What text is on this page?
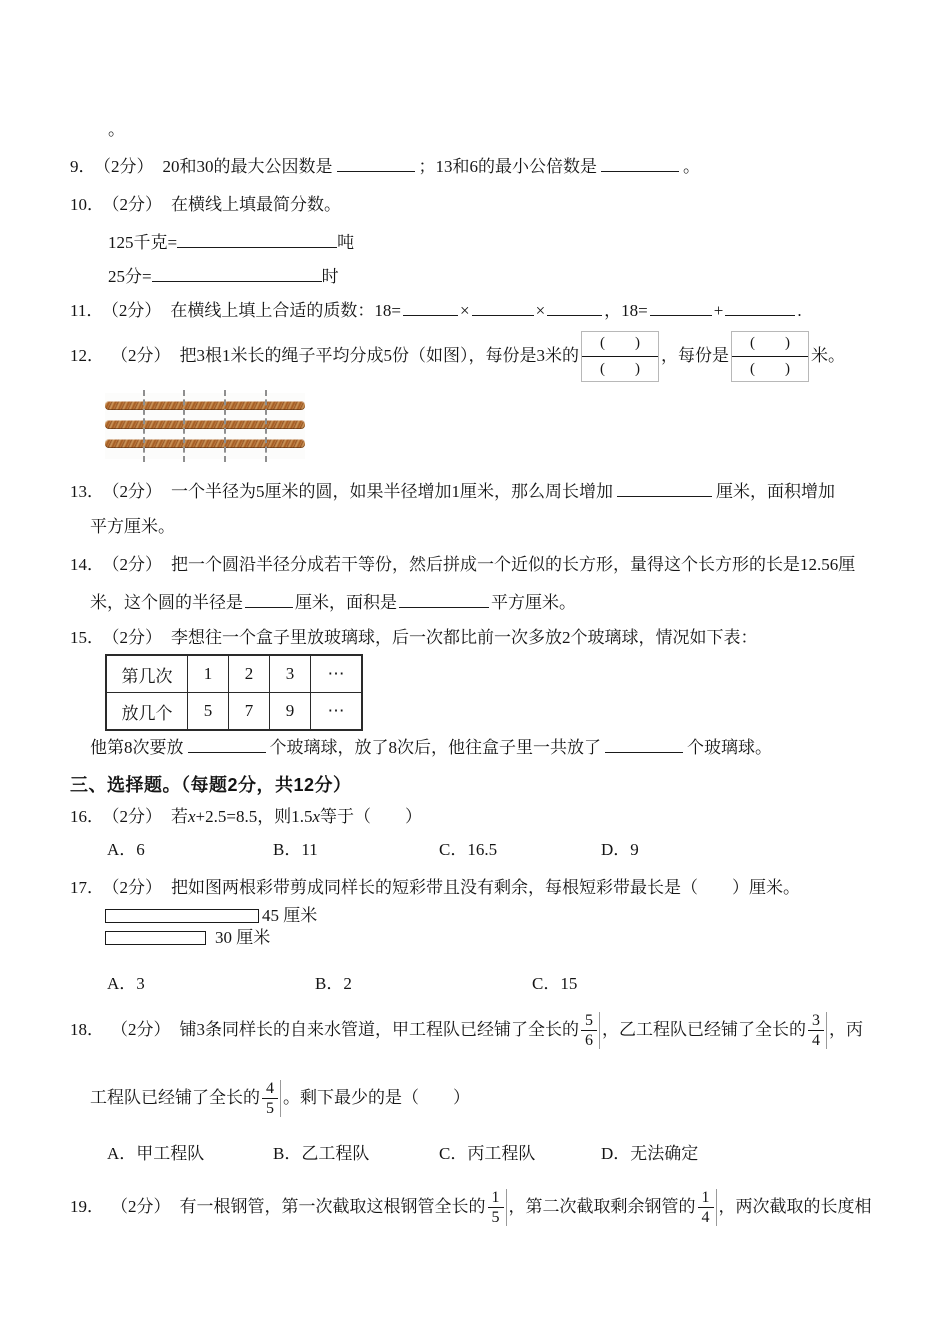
。
9． （2分） 20和30的最大公因数是	；13和6的最小公倍数是	。
10． （2分） 在横线上填最简分数。
125千克=	吨
25分=	时
11． （2分） 在横线上填上合适的质数：18=	×	×	，18=	+	.
12． （2分） 把3根1米长的绳子平均分成5份（如图），每份是3米的
(　　)
(　　)
，每份是
(　　)
(　　)
米。
13． （2分） 一个半径为5厘米的圆，如果半径增加1厘米，那么周长增加	厘米，面积增加
平方厘米。
14． （2分） 把一个圆沿半径分成若干等份，然后拼成一个近似的长方形，量得这个长方形的长是12.56厘
米，这个圆的半径是	厘米，面积是	平方厘米。
15． （2分） 李想往一个盒子里放玻璃球，后一次都比前一次多放2个玻璃球，情况如下表：
第几次	1	2	3	⋯
放几个	5	7	9	⋯
他第8次要放	个玻璃球，放了8次后，他往盒子里一共放了	个玻璃球。
三、选择题。（每题2分，共12分）
16． （2分） 若x+2.5=8.5，则1.5x等于（　　）
A．6	B．11	C．16.5	D．9
17． （2分） 把如图两根彩带剪成同样长的短彩带且没有剩余，每根短彩带最长是（　　）厘米。
45 厘米
30 厘米
A．3	B．2	C．15
18． （2分） 铺3条同样长的自来水管道，甲工程队已经铺了全长的 $\frac{5}{6}$ ，乙工程队已经铺了全长的 $\frac{3}{4}$ ，丙
工程队已经铺了全长的 $\frac{4}{5}$ 。剩下最少的是（　　）
A．甲工程队	B．乙工程队	C．丙工程队	D．无法确定
19． （2分） 有一根钢管，第一次截取这根钢管全长的 $\frac{1}{5}$ ，第二次截取剩余钢管的 $\frac{1}{4}$ ，两次截取的长度相
